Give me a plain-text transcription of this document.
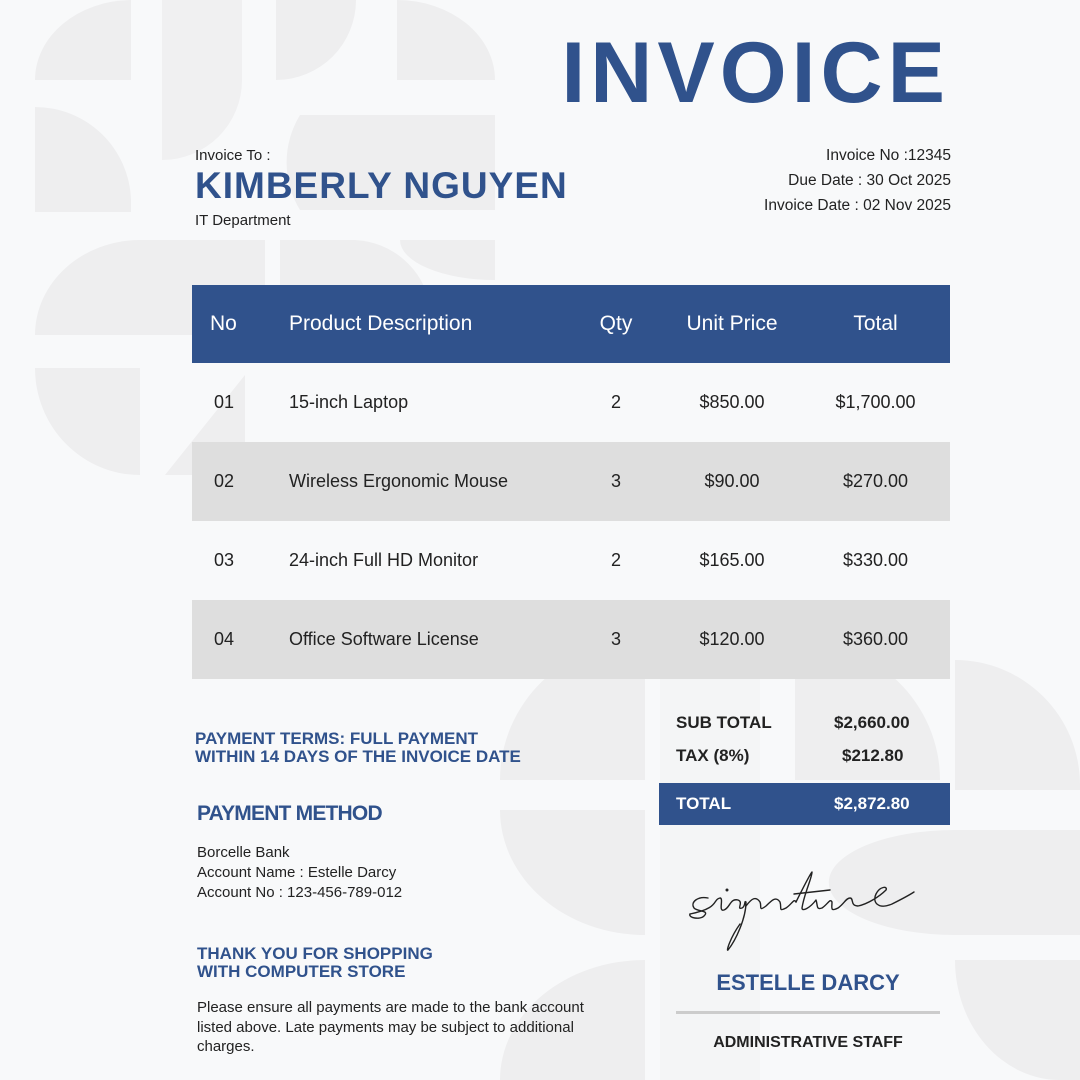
INVOICE
Invoice To :
KIMBERLY NGUYEN
IT Department
Invoice No :12345
Due Date : 30 Oct 2025
Invoice Date : 02 Nov 2025
No	Product Description	Qty	Unit Price	Total
01	15-inch Laptop	2	$850.00	$1,700.00
02	Wireless Ergonomic Mouse	3	$90.00	$270.00
03	24-inch Full HD Monitor	2	$165.00	$330.00
04	Office Software License	3	$120.00	$360.00
PAYMENT TERMS: FULL PAYMENT
WITHIN 14 DAYS OF THE INVOICE DATE
PAYMENT METHOD
Borcelle Bank
Account Name : Estelle Darcy
Account No : 123-456-789-012
THANK YOU FOR SHOPPING
WITH COMPUTER STORE
Please ensure all payments are made to the bank account listed above. Late payments may be subject to additional charges.
SUB TOTAL	$2,660.00
TAX (8%)	$212.80
TOTAL	$2,872.80
ESTELLE DARCY
ADMINISTRATIVE STAFF
